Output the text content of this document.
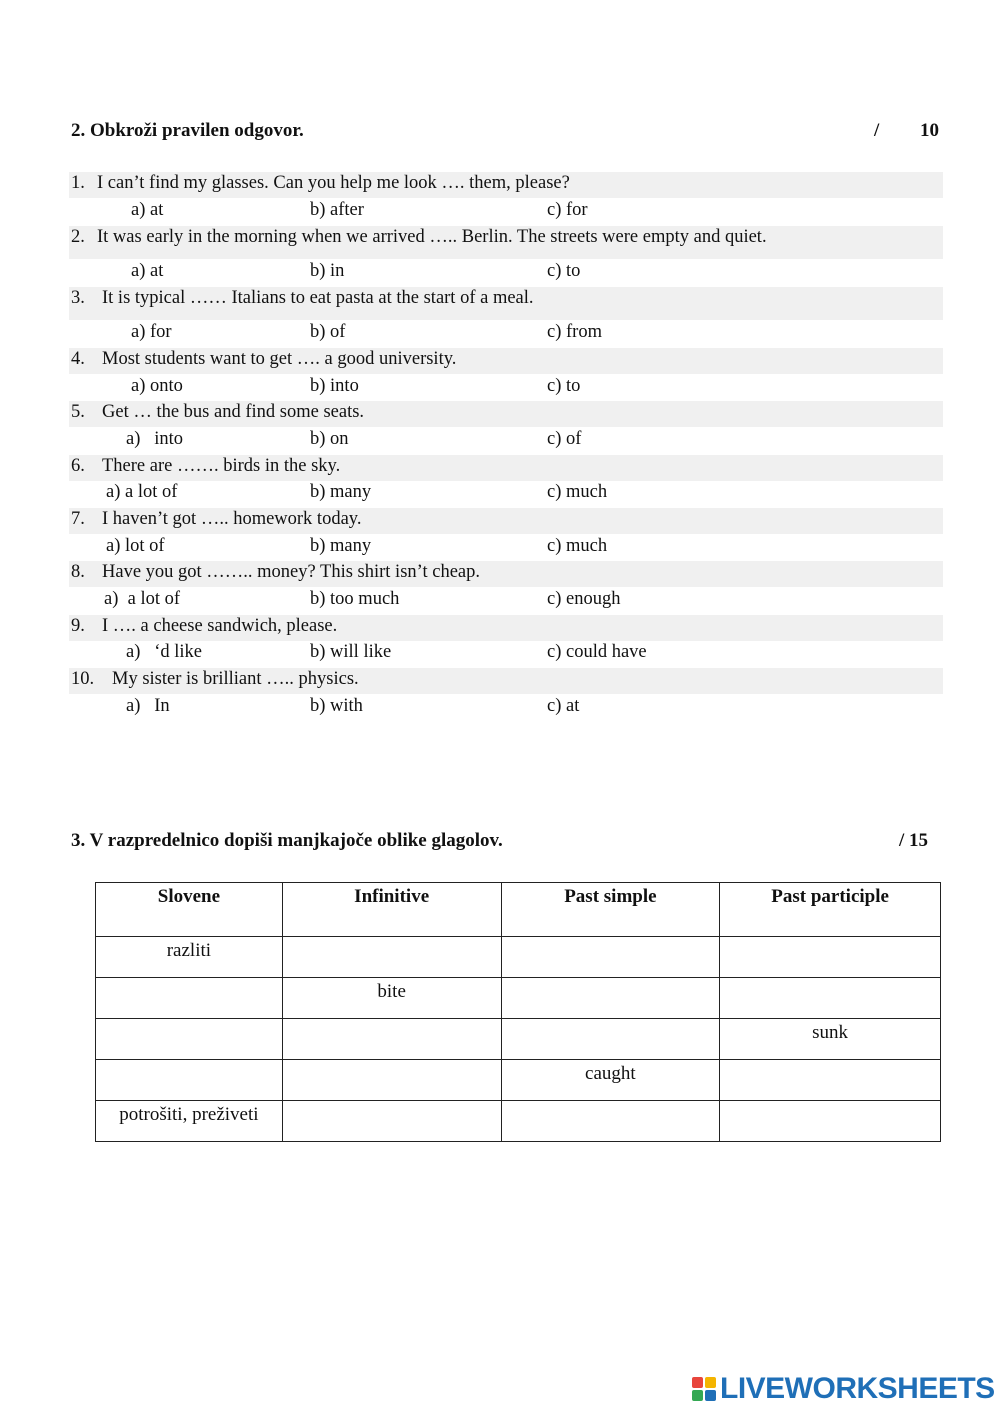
2. Obkroži pravilen odgovor.	/ 10
1. I can’t find my glasses. Can you help me look …. them, please?
a) at	b) after	c) for
2. It was early in the morning when we arrived ….. Berlin. The streets were empty and quiet.
a) at	b) in	c) to
3. It is typical …… Italians to eat pasta at the start of a meal.
a) for	b) of	c) from
4. Most students want to get …. a good university.
a) onto	b) into	c) to
5. Get … the bus and find some seats.
a)   into	b) on	c) of
6. There are ……. birds in the sky.
a) a lot of	b) many	c) much
7. I haven’t got ….. homework today.
a) lot of	b) many	c) much
8. Have you got …….. money? This shirt isn’t cheap.
a)  a lot of	b) too much	c) enough
9. I …. a cheese sandwich, please.
a)   ‘d like	b) will like	c) could have
10. My sister is brilliant ….. physics.
a)   In	b) with	c) at
3. V razpredelnico dopiši manjkajoče oblike glagolov.	/ 15
Slovene	Infinitive	Past simple	Past participle
razliti			
	bite		
			sunk
		caught	
potrošiti, preživeti			
LIVEWORKSHEETS
